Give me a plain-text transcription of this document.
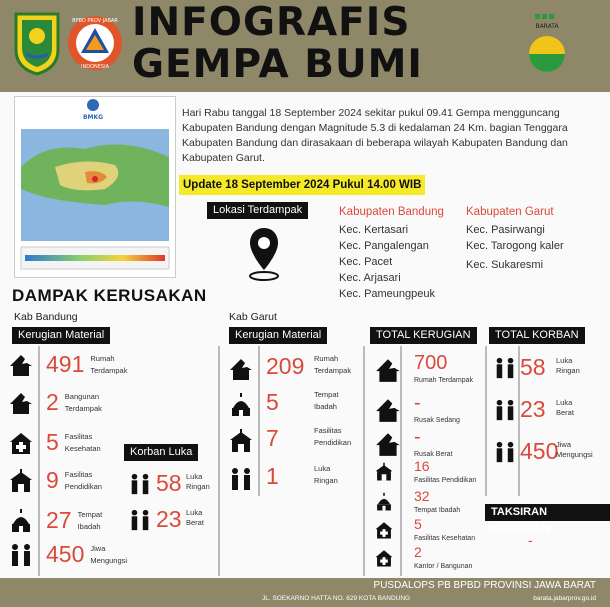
BPBD PROV JABAR
INDONESIA
INFOGRAFIS
GEMPA BUMI
BARATA
BMKG	Hari Rabu tanggal 18 September 2024 sekitar pukul 09.41 Gempa mengguncang Kabupaten Bandung dengan Magnitude 5.3 di kedalaman 24 Km. bagian Tenggara Kabupaten Bandung dan dirasakaan di beberapa wilayah Kabupaten Bandung dan Kabupaten Garut.
Update 18 September 2024 Pukul 14.00 WIB
Lokasi Terdampak	Kabupaten Bandung
Kec. Kertasari
Kec. Pangalengan
Kec. Pacet
Kec. Arjasari
Kec. Pameungpeuk
Kabupaten Garut
Kec. Pasirwangi
Kec. Tarogong kaler
Kec. Sukaresmi
DAMPAK KERUSAKAN
Kab Bandung
Kerugian Material
Korban Luka
Kab Garut
Kerugian Material	TOTAL KERUGIAN	TOTAL KORBAN
TAKSIRAN KERUGIAN
-
491 Rumah
Terdampak
2 Bangunan
Terdampak
5 Fasilitas
Kesehatan
9 Fasilitas
Pendidikan
27 Tempat
Ibadah
450 Jiwa
Mengungsi
58 Luka
Ringan
23 Luka
Berat
209 Rumah
Terdampak
5	Tempat
Ibadah
7	Fasilitas
Pendidikan
1	Luka
Ringan
700
Rumah Terdampak
-
Rusak Sedang
-
Rusak Berat
16
Fasilitas Pendidikan
32
Tempat Ibadah
5
Fasilitas Kesehatan
2
Kantor / Bangunan
58 Luka
Ringan
23 Luka
Berat
450
Jiwa
Mengungsi
PUSDALOPS PB BPBD PROVINSI JAWA BARAT
JL. SOEKARNO HATTA NO. 629 KOTA BANDUNG	barata.jabarprov.go.id
